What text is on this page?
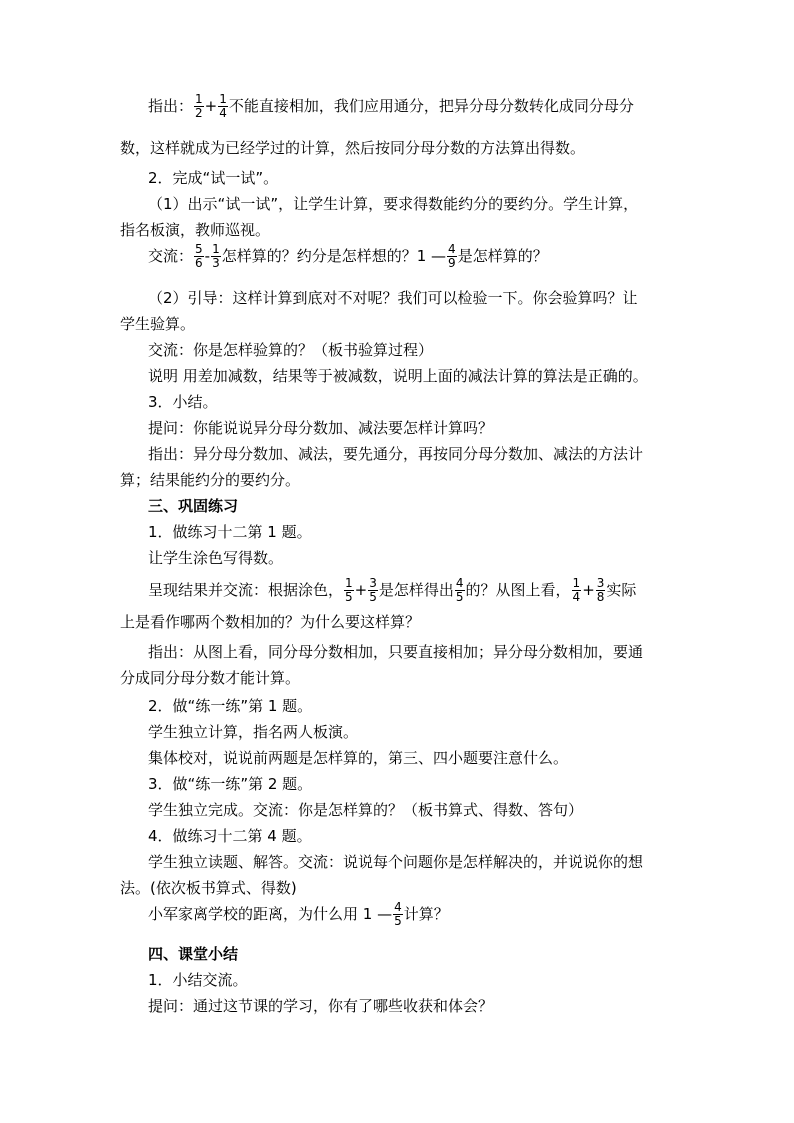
指出： $\frac{1}{2} + \frac{1}{4}$ 不能直接相加，我们应用通分，把异分母分数转化成同分母分
数，这样就成为已经学过的计算，然后按同分母分数的方法算出得数。
2．完成“试一试”。
（1）出示“试一试”，让学生计算，要求得数能约分的要约分。学生计算，
指名板演，教师巡视。
交流： $\frac{5}{6} - \frac{1}{3}$ 怎样算的？约分是怎样想的？1 — $\frac{4}{9}$ 是怎样算的？
（2）引导：这样计算到底对不对呢？我们可以检验一下。你会验算吗？让
学生验算。
交流：你是怎样验算的？（板书验算过程）
说明 用差加减数，结果等于被减数，说明上面的减法计算的算法是正确的。
3．小结。
提问：你能说说异分母分数加、减法要怎样计算吗？
指出：异分母分数加、减法，要先通分，再按同分母分数加、减法的方法计
算；结果能约分的要约分。
三、巩固练习
1．做练习十二第 1 题。
让学生涂色写得数。
呈现结果并交流：根据涂色， $\frac{1}{5} + \frac{3}{5}$ 是怎样得出 $\frac{4}{5}$ 的？从图上看， $\frac{1}{4} + \frac{3}{8}$ 实际
上是看作哪两个数相加的？为什么要这样算？
指出：从图上看，同分母分数相加，只要直接相加；异分母分数相加，要通
分成同分母分数才能计算。
2．做“练一练”第 1 题。
学生独立计算，指名两人板演。
集体校对，说说前两题是怎样算的，第三、四小题要注意什么。
3．做“练一练”第 2 题。
学生独立完成。交流：你是怎样算的？（板书算式、得数、答句）
4．做练习十二第 4 题。
学生独立读题、解答。交流：说说每个问题你是怎样解决的，并说说你的想
法。(依次板书算式、得数)
小军家离学校的距离，为什么用 1 — $\frac{4}{5}$ 计算？
四、课堂小结
1．小结交流。
提问：通过这节课的学习，你有了哪些收获和体会？
